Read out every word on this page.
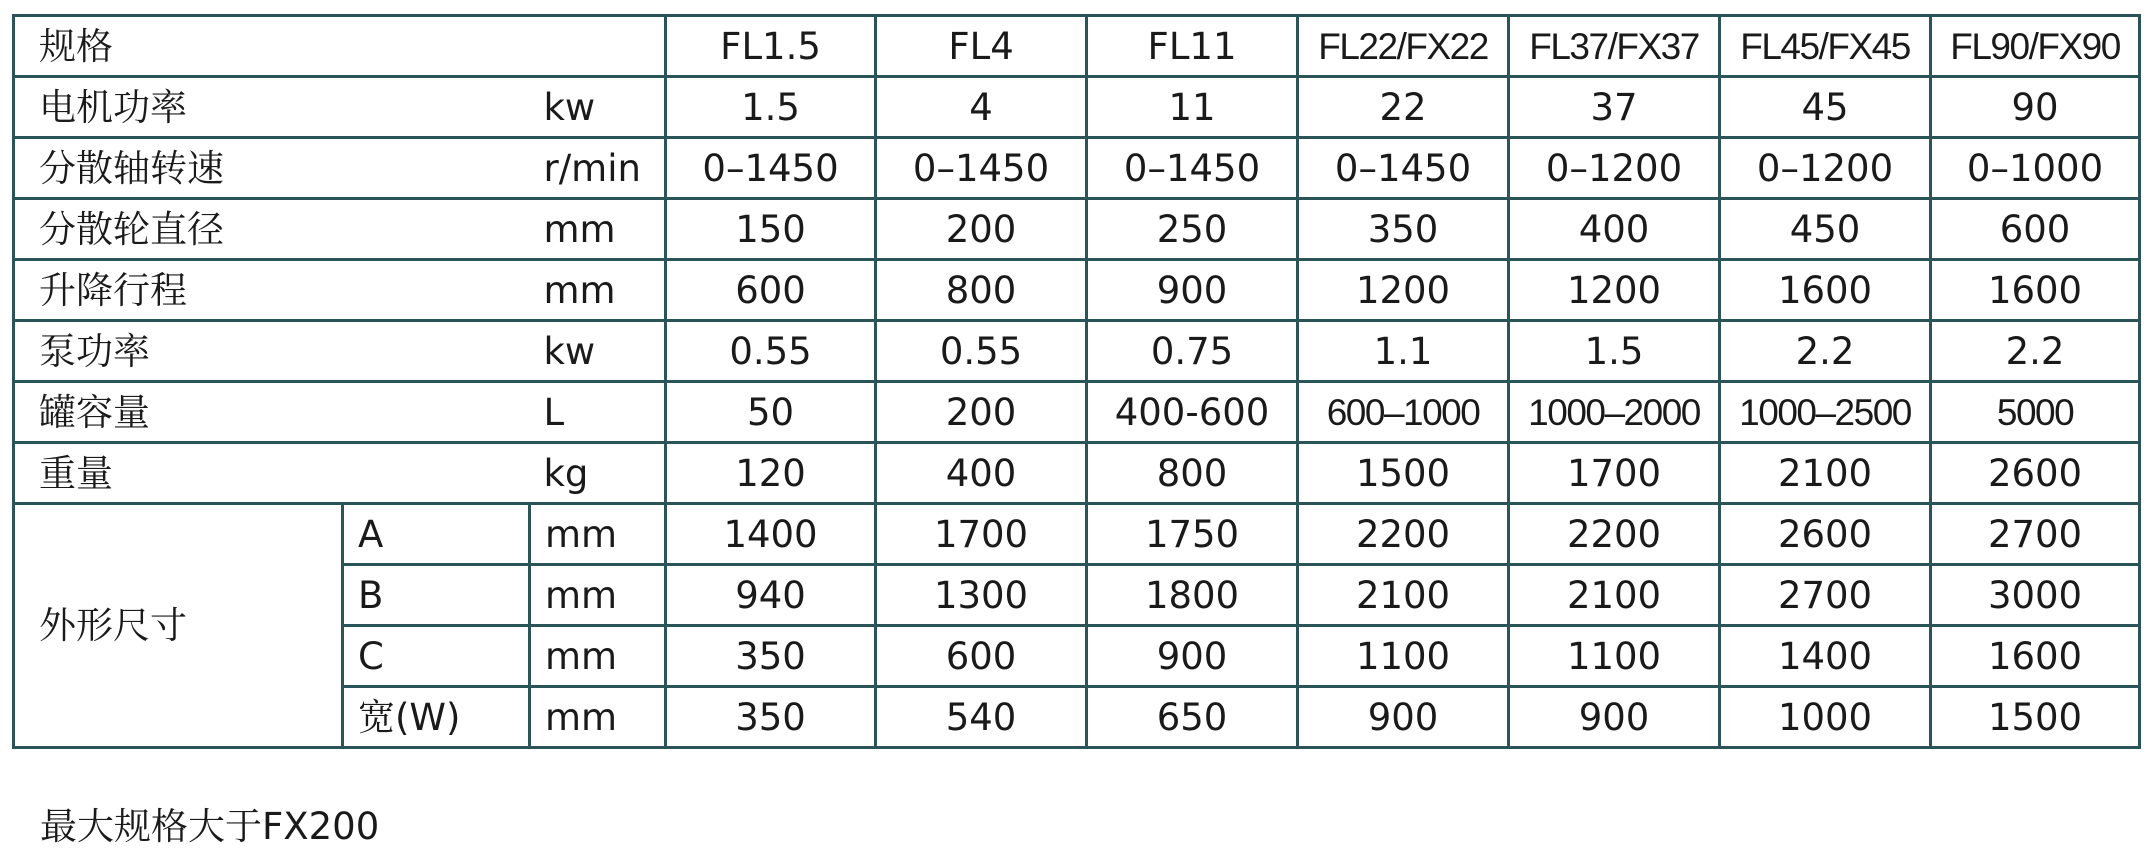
规格			FL1.5	FL4	FL11	FL22/FX22	FL37/FX37	FL45/FX45	FL90/FX90
电机功率		kw	1.5	4	11	22	37	45	90
分散轴转速		r/min	0–1450	0–1450	0–1450	0–1450	0–1200	0–1200	0–1000
分散轮直径		mm	150	200	250	350	400	450	600
升降行程		mm	600	800	900	1200	1200	1600	1600
泵功率		kw	0.55	0.55	0.75	1.1	1.5	2.2	2.2
罐容量		L	50	200	400-600	600–1000	1000–2000	1000–2500	5000
重量		kg	120	400	800	1500	1700	2100	2600
外形尺寸	A	mm	1400	1700	1750	2200	2200	2600	2700
	B	mm	940	1300	1800	2100	2100	2700	3000
	C	mm	350	600	900	1100	1100	1400	1600
	宽(W)	mm	350	540	650	900	900	1000	1500
最大规格大于FX200
